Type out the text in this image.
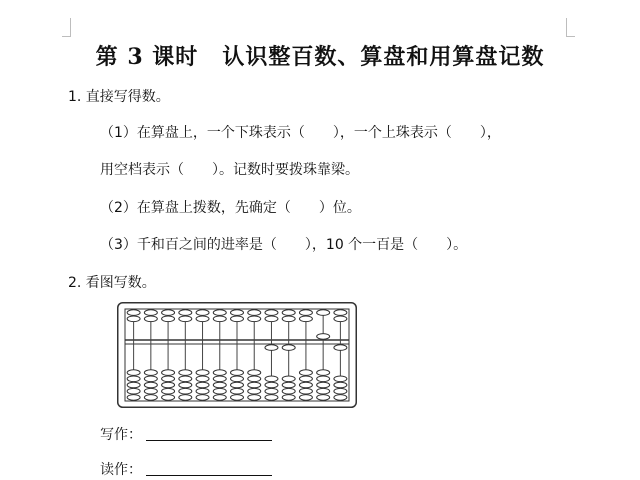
第 3 课时 认识整百数、算盘和用算盘记数
1. 直接写得数。
（1）在算盘上，一个下珠表示（　　），一个上珠表示（　　），
用空档表示（　　）。记数时要拨珠靠梁。
（2）在算盘上拨数，先确定（　　）位。
（3）千和百之间的进率是（　　），10 个一百是（　　）。
2. 看图写数。
写作：
读作：
